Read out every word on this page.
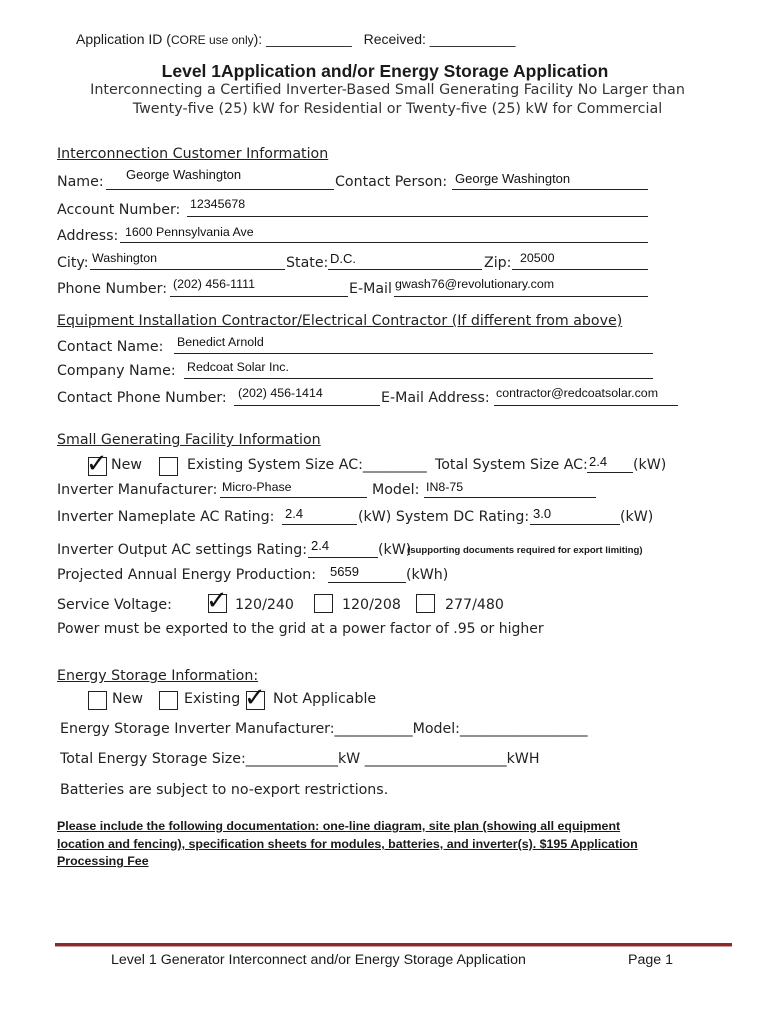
Application ID (CORE use only): ___________ Received: ___________
Level 1Application and/or Energy Storage Application
Interconnecting a Certified Inverter-Based Small Generating Facility No Larger than
Twenty-five (25) kW for Residential or Twenty-five (25) kW for Commercial
Interconnection Customer Information
Name: George Washington	Contact Person: George Washington
Account Number: 12345678
Address: 1600 Pennsylvania Ave
City: Washington	State: D.C.	Zip: 20500
Phone Number: (202) 456-1111	E-Mail gwash76@revolutionary.com
Equipment Installation Contractor/Electrical Contractor (If different from above)
Contact Name: Benedict Arnold
Company Name: Redcoat Solar Inc.
Contact Phone Number: (202) 456-1414	E-Mail Address: contractor@redcoatsolar.com
Small Generating Facility Information
✓ New	Existing System Size AC:_________ Total System Size AC: 2.4 (kW)
Inverter Manufacturer: Micro-Phase	Model: IN8-75
Inverter Nameplate AC Rating: 2.4	(kW) System DC Rating: 3.0	(kW)
Inverter Output AC settings Rating: 2.4	(kW)
(supporting documents required for export limiting)
Projected Annual Energy Production: 5659	(kWh)
Service Voltage: ✓ 120/240	120/208	277/480
Power must be exported to the grid at a power factor of .95 or higher
Energy Storage Information:
New	Existing ✓ Not Applicable
Energy Storage Inverter Manufacturer:___________Model:__________________
Total Energy Storage Size:_____________kW ____________________kWH
Batteries are subject to no-export restrictions.
Please include the following documentation: one-line diagram, site plan (showing all equipment
location and fencing), specification sheets for modules, batteries, and inverter(s). $195 Application
Processing Fee
Level 1 Generator Interconnect and/or Energy Storage Application	Page 1
